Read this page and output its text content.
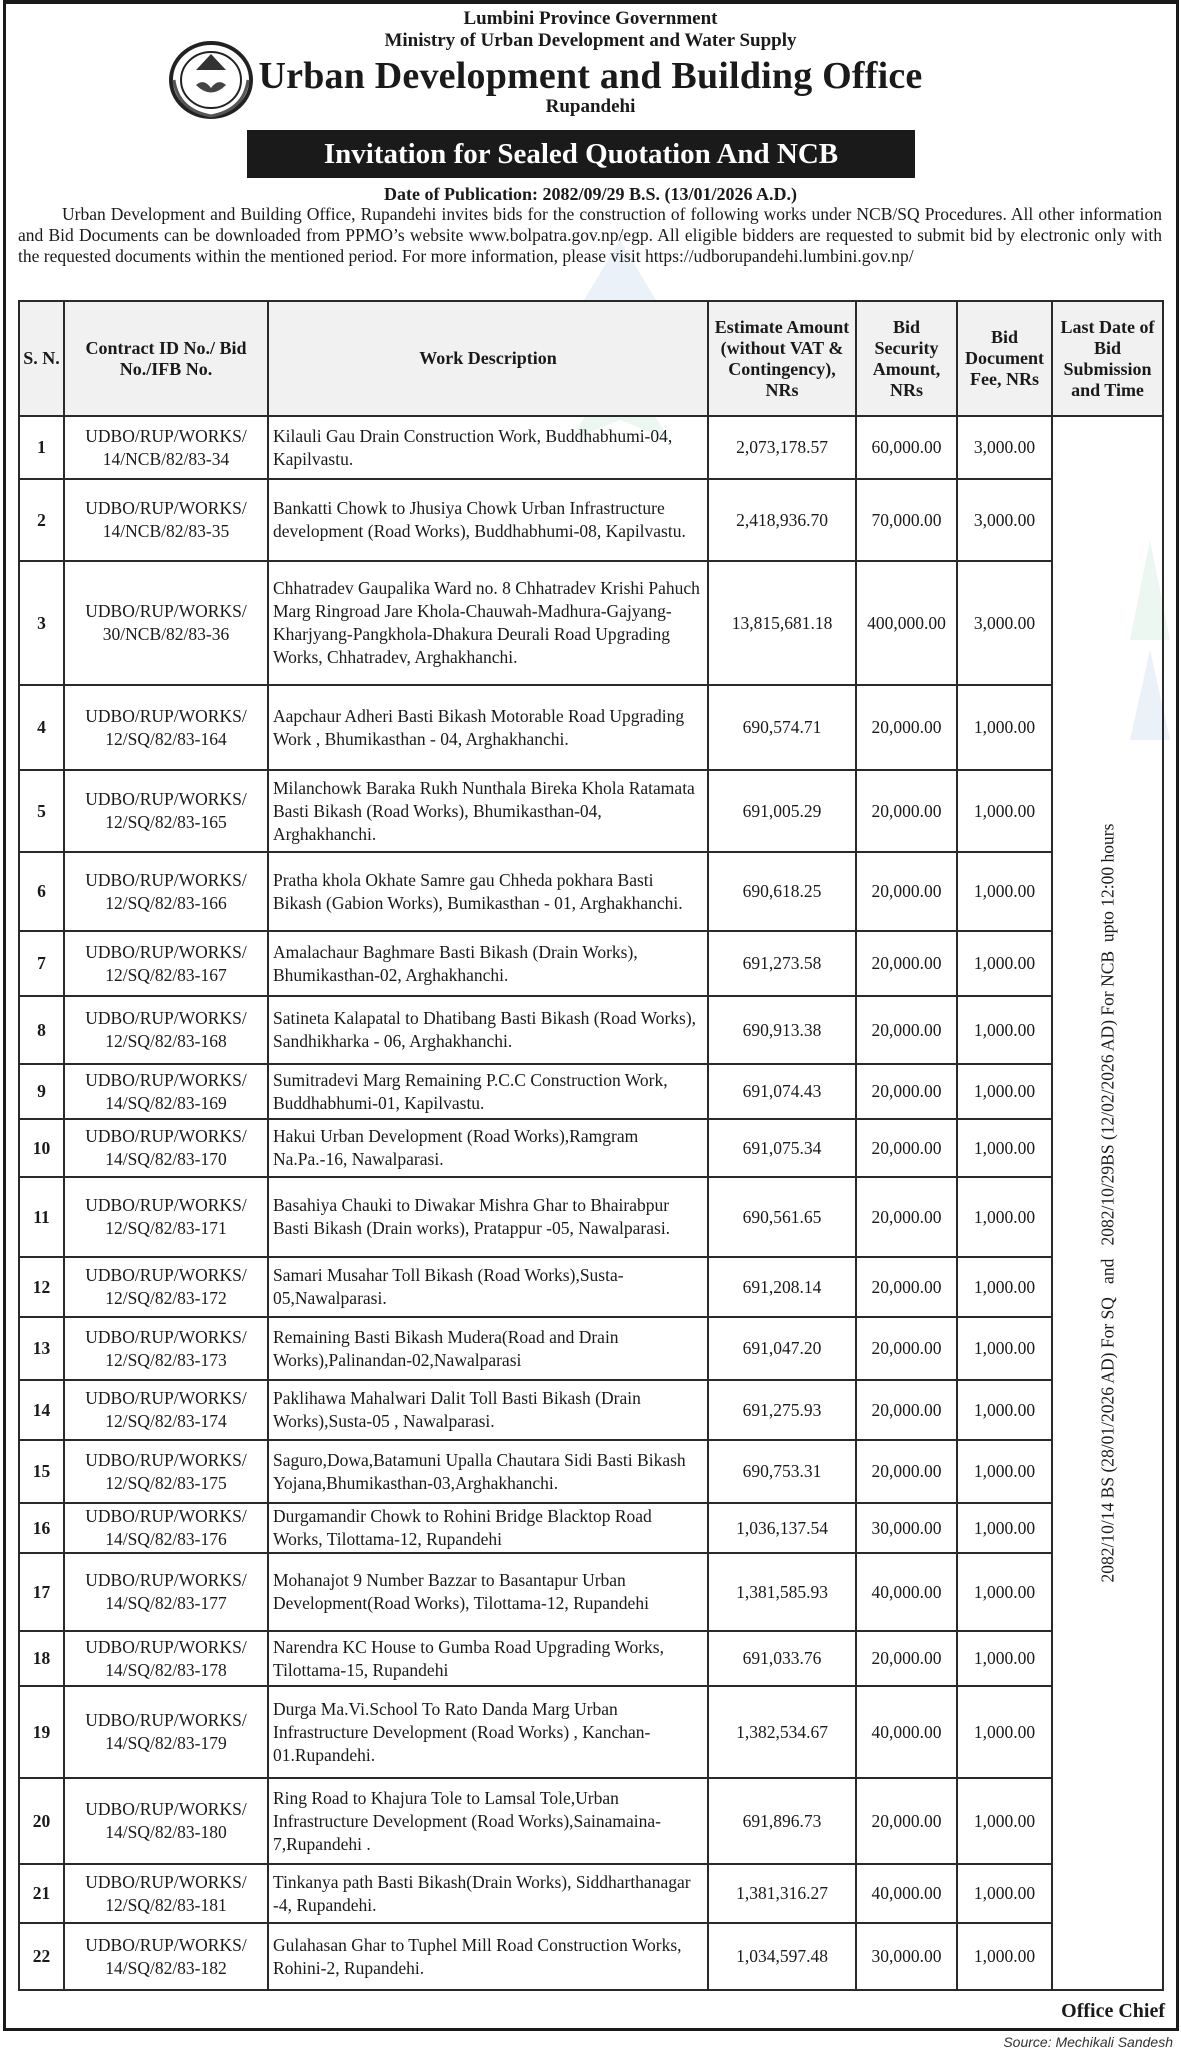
Lumbini Province Government
Ministry of Urban Development and Water Supply
Urban Development and Building Office
Rupandehi
Invitation for Sealed Quotation And NCB
Date of Publication: 2082/09/29 B.S. (13/01/2026 A.D.)

Urban Development and Building Office, Rupandehi invites bids for the construction of following works under NCB/SQ Procedures. All other information and Bid Documents can be downloaded from PPMO’s website www.bolpatra.gov.np/egp. All eligible bidders are requested to submit bid by electronic only with the requested documents within the mentioned period. For more information, please visit https://udborupandehi.lumbini.gov.np/

S. N.	Contract ID No./ Bid No./IFB No.	Work Description	Estimate Amount (without VAT & Contingency), NRs	Bid Security Amount, NRs	Bid Document Fee, NRs	Last Date of Bid Submission and Time
1	UDBO/RUP/WORKS/
14/NCB/82/83-34	Kilauli Gau Drain Construction Work, Buddhabhumi-04, Kapilvastu.	2,073,178.57	60,000.00	3,000.00	2082/10/14 BS (28/01/2026 AD) For SQ   and   2082/10/29BS (12/02/2026 AD) For NCB  upto 12:00 hours

2	UDBO/RUP/WORKS/
14/NCB/82/83-35	Bankatti Chowk to Jhusiya Chowk Urban Infrastructure development (Road Works), Buddhabhumi-08, Kapilvastu.	2,418,936.70	70,000.00	3,000.00	
3	UDBO/RUP/WORKS/
30/NCB/82/83-36	Chhatradev Gaupalika Ward no. 8 Chhatradev Krishi Pahuch Marg Ringroad Jare Khola-Chauwah-Madhura-Gajyang-Kharjyang-Pangkhola-Dhakura Deurali Road Upgrading Works, Chhatradev, Arghakhanchi.	13,815,681.18	400,000.00	3,000.00	
4	UDBO/RUP/WORKS/
12/SQ/82/83-164	Aapchaur Adheri Basti Bikash Motorable Road Upgrading Work , Bhumikasthan - 04, Arghakhanchi.	690,574.71	20,000.00	1,000.00	
5	UDBO/RUP/WORKS/
12/SQ/82/83-165	Milanchowk Baraka Rukh Nunthala Bireka Khola Ratamata Basti Bikash (Road Works), Bhumikasthan-04, Arghakhanchi.	691,005.29	20,000.00	1,000.00	
6	UDBO/RUP/WORKS/
12/SQ/82/83-166	Pratha khola Okhate Samre gau Chheda pokhara Basti Bikash (Gabion Works), Bumikasthan - 01, Arghakhanchi.	690,618.25	20,000.00	1,000.00	
7	UDBO/RUP/WORKS/
12/SQ/82/83-167	Amalachaur Baghmare Basti Bikash (Drain Works), Bhumikasthan-02, Arghakhanchi.	691,273.58	20,000.00	1,000.00	
8	UDBO/RUP/WORKS/
12/SQ/82/83-168	Satineta Kalapatal to Dhatibang Basti Bikash (Road Works), Sandhikharka - 06, Arghakhanchi.	690,913.38	20,000.00	1,000.00	
9	UDBO/RUP/WORKS/
14/SQ/82/83-169	Sumitradevi Marg Remaining P.C.C Construction Work, Buddhabhumi-01, Kapilvastu.	691,074.43	20,000.00	1,000.00	
10	UDBO/RUP/WORKS/
14/SQ/82/83-170	Hakui Urban Development (Road Works),Ramgram Na.Pa.-16, Nawalparasi.	691,075.34	20,000.00	1,000.00	
11	UDBO/RUP/WORKS/
12/SQ/82/83-171	Basahiya Chauki to Diwakar Mishra Ghar to Bhairabpur Basti Bikash (Drain works), Pratappur -05, Nawalparasi.	690,561.65	20,000.00	1,000.00	
12	UDBO/RUP/WORKS/
12/SQ/82/83-172	Samari Musahar Toll Bikash (Road Works),Susta-05,Nawalparasi.	691,208.14	20,000.00	1,000.00	
13	UDBO/RUP/WORKS/
12/SQ/82/83-173	Remaining Basti Bikash Mudera(Road and Drain Works),Palinandan-02,Nawalparasi	691,047.20	20,000.00	1,000.00	
14	UDBO/RUP/WORKS/
12/SQ/82/83-174	Paklihawa Mahalwari Dalit Toll Basti Bikash (Drain Works),Susta-05 , Nawalparasi.	691,275.93	20,000.00	1,000.00	
15	UDBO/RUP/WORKS/
12/SQ/82/83-175	Saguro,Dowa,Batamuni Upalla Chautara Sidi Basti Bikash Yojana,Bhumikasthan-03,Arghakhanchi.	690,753.31	20,000.00	1,000.00	
16	UDBO/RUP/WORKS/
14/SQ/82/83-176	Durgamandir Chowk to Rohini Bridge Blacktop Road Works, Tilottama-12, Rupandehi	1,036,137.54	30,000.00	1,000.00	
17	UDBO/RUP/WORKS/
14/SQ/82/83-177	Mohanajot 9 Number Bazzar to Basantapur Urban Development(Road Works), Tilottama-12, Rupandehi	1,381,585.93	40,000.00	1,000.00	
18	UDBO/RUP/WORKS/
14/SQ/82/83-178	Narendra KC House to Gumba Road Upgrading Works, Tilottama-15, Rupandehi	691,033.76	20,000.00	1,000.00	
19	UDBO/RUP/WORKS/
14/SQ/82/83-179	Durga Ma.Vi.School To Rato Danda Marg Urban Infrastructure Development (Road Works) , Kanchan-01.Rupandehi.	1,382,534.67	40,000.00	1,000.00	
20	UDBO/RUP/WORKS/
14/SQ/82/83-180	Ring Road to Khajura Tole to Lamsal Tole,Urban Infrastructure Development (Road Works),Sainamaina-7,Rupandehi .	691,896.73	20,000.00	1,000.00	
21	UDBO/RUP/WORKS/
12/SQ/82/83-181	Tinkanya path Basti Bikash(Drain Works), Siddharthanagar -4, Rupandehi.	1,381,316.27	40,000.00	1,000.00	
22	UDBO/RUP/WORKS/
14/SQ/82/83-182	Gulahasan Ghar to Tuphel Mill Road Construction Works, Rohini-2, Rupandehi.	1,034,597.48	30,000.00	1,000.00	
Office Chief
Source: Mechikali Sandesh
